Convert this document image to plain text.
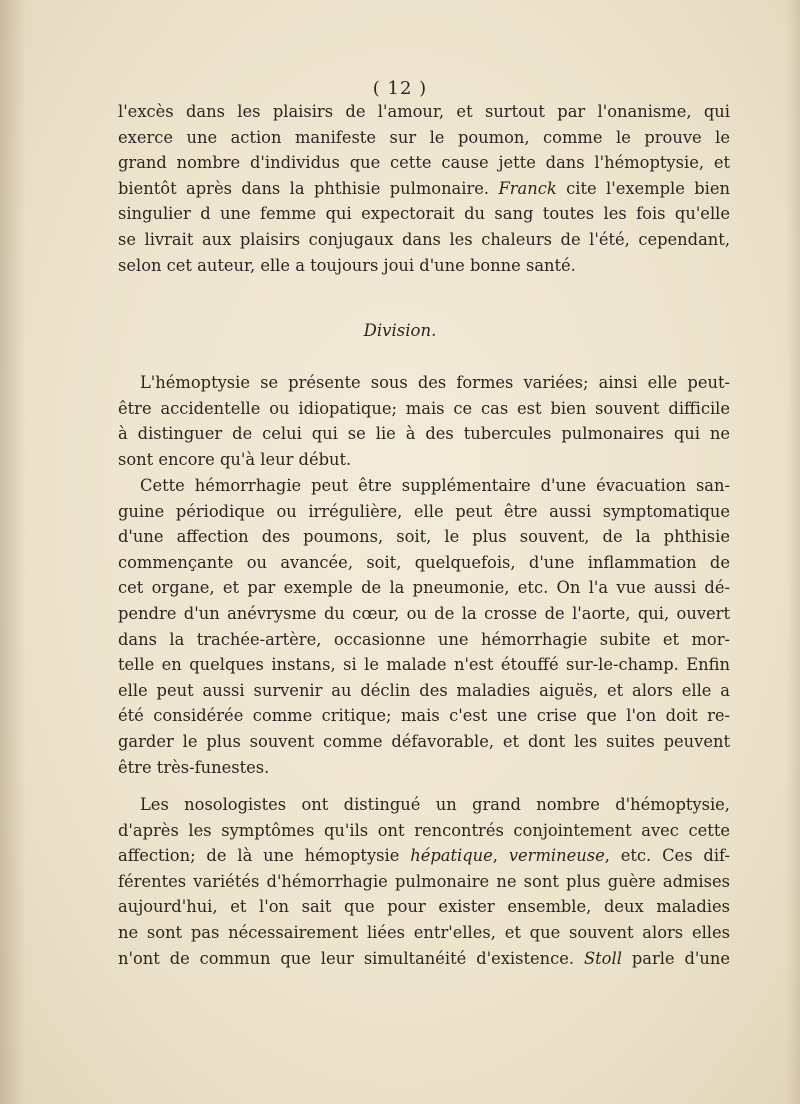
( 12 )
l'excès dans les plaisirs de l'amour, et surtout par l'onanisme, qui
exerce une action manifeste sur le poumon, comme le prouve le
grand nombre d'individus que cette cause jette dans l'hémoptysie, et
bientôt après dans la phthisie pulmonaire. Franck cite l'exemple bien
singulier d une femme qui expectorait du sang toutes les fois qu'elle
se livrait aux plaisirs conjugaux dans les chaleurs de l'été, cependant,
selon cet auteur, elle a toujours joui d'une bonne santé.
Division.
L'hémoptysie se présente sous des formes variées; ainsi elle peut-
être accidentelle ou idiopatique; mais ce cas est bien souvent difficile
à distinguer de celui qui se lie à des tubercules pulmonaires qui ne
sont encore qu'à leur début.
Cette hémorrhagie peut être supplémentaire d'une évacuation san-
guine périodique ou irrégulière, elle peut être aussi symptomatique
d'une affection des poumons, soit, le plus souvent, de la phthisie
commençante ou avancée, soit, quelquefois, d'une inflammation de
cet organe, et par exemple de la pneumonie, etc. On l'a vue aussi dé-
pendre d'un anévrysme du cœur, ou de la crosse de l'aorte, qui, ouvert
dans la trachée-artère, occasionne une hémorrhagie subite et mor-
telle en quelques instans, si le malade n'est étouffé sur-le-champ. Enfin
elle peut aussi survenir au déclin des maladies aiguës, et alors elle a
été considérée comme critique; mais c'est une crise que l'on doit re-
garder le plus souvent comme défavorable, et dont les suites peuvent
être très-funestes.
Les nosologistes ont distingué un grand nombre d'hémoptysie,
d'après les symptômes qu'ils ont rencontrés conjointement avec cette
affection; de là une hémoptysie hépatique, vermineuse, etc. Ces dif-
férentes variétés d'hémorrhagie pulmonaire ne sont plus guère admises
aujourd'hui, et l'on sait que pour exister ensemble, deux maladies
ne sont pas nécessairement liées entr'elles, et que souvent alors elles
n'ont de commun que leur simultanéité d'existence. Stoll parle d'une
